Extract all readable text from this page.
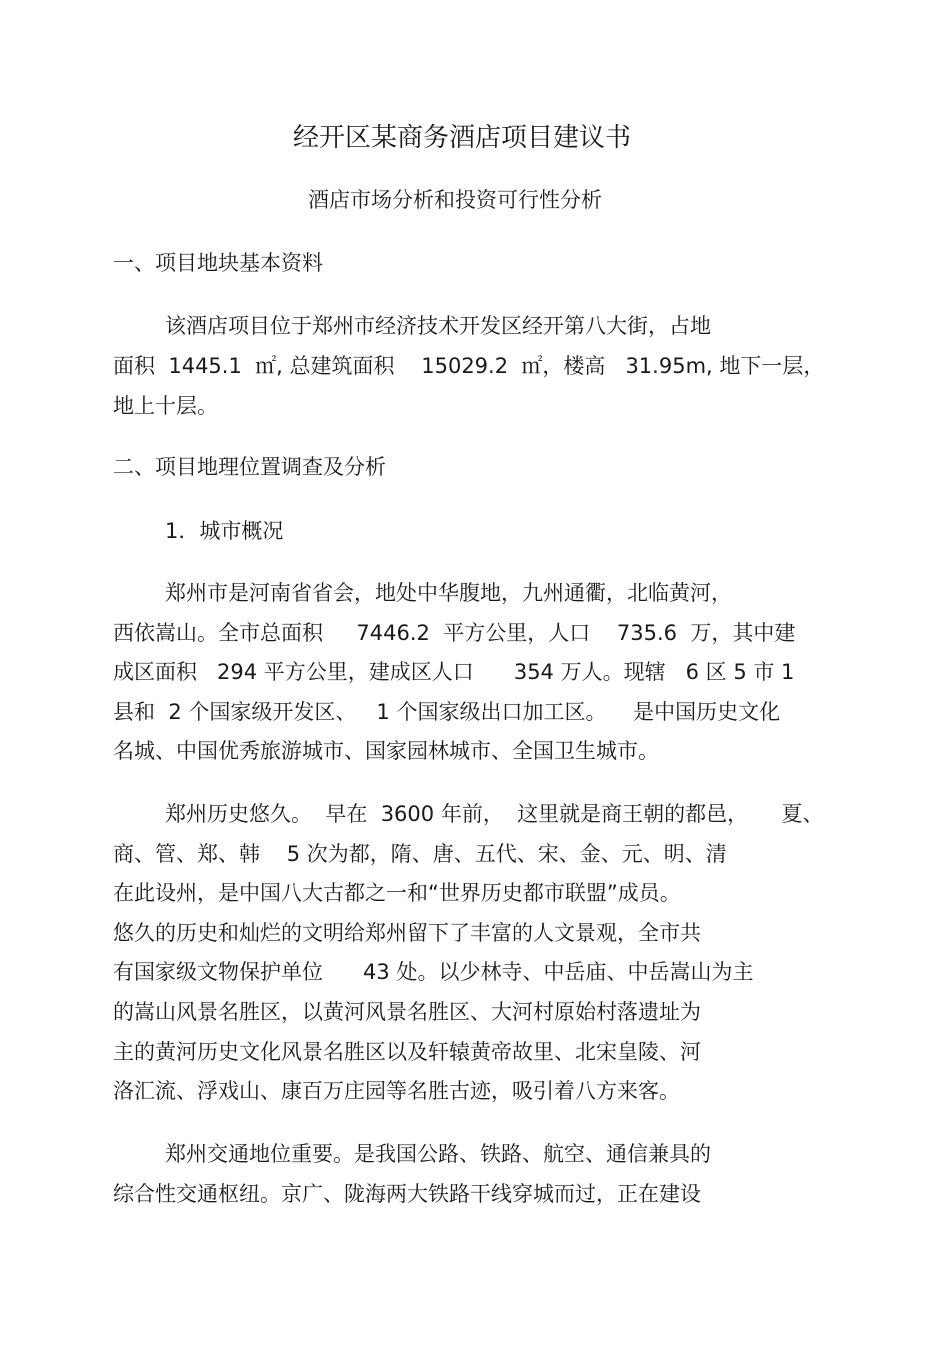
经开区某商务酒店项目建议书

酒店市场分析和投资可行性分析

一、项目地块基本资料

该酒店项目位于郑州市经济技术开发区经开第八大街，占地

面积  1445.1  ㎡, 总建筑面积    15029.2  ㎡，楼高   31.95m, 地下一层，

地上十层。

二、项目地理位置调查及分析

1．城市概况

郑州市是河南省省会，地处中华腹地，九州通衢，北临黄河，

西依嵩山。全市总面积     7446.2  平方公里，人口    735.6  万，其中建

成区面积   294 平方公里，建成区人口      354 万人。现辖   6 区 5 市 1

县和  2 个国家级开发区、   1 个国家级出口加工区。    是中国历史文化

名城、中国优秀旅游城市、国家园林城市、全国卫生城市。

郑州历史悠久。  早在  3600 年前，  这里就是商王朝的都邑，     夏、

商、管、郑、韩    5 次为都，隋、唐、五代、宋、金、元、明、清

在此设州，是中国八大古都之一和“世界历史都市联盟”成员。

悠久的历史和灿烂的文明给郑州留下了丰富的人文景观，全市共

有国家级文物保护单位      43 处。以少林寺、中岳庙、中岳嵩山为主

的嵩山风景名胜区，以黄河风景名胜区、大河村原始村落遗址为

主的黄河历史文化风景名胜区以及轩辕黄帝故里、北宋皇陵、河

洛汇流、浮戏山、康百万庄园等名胜古迹，吸引着八方来客。

郑州交通地位重要。是我国公路、铁路、航空、通信兼具的

综合性交通枢纽。京广、陇海两大铁路干线穿城而过，正在建设
